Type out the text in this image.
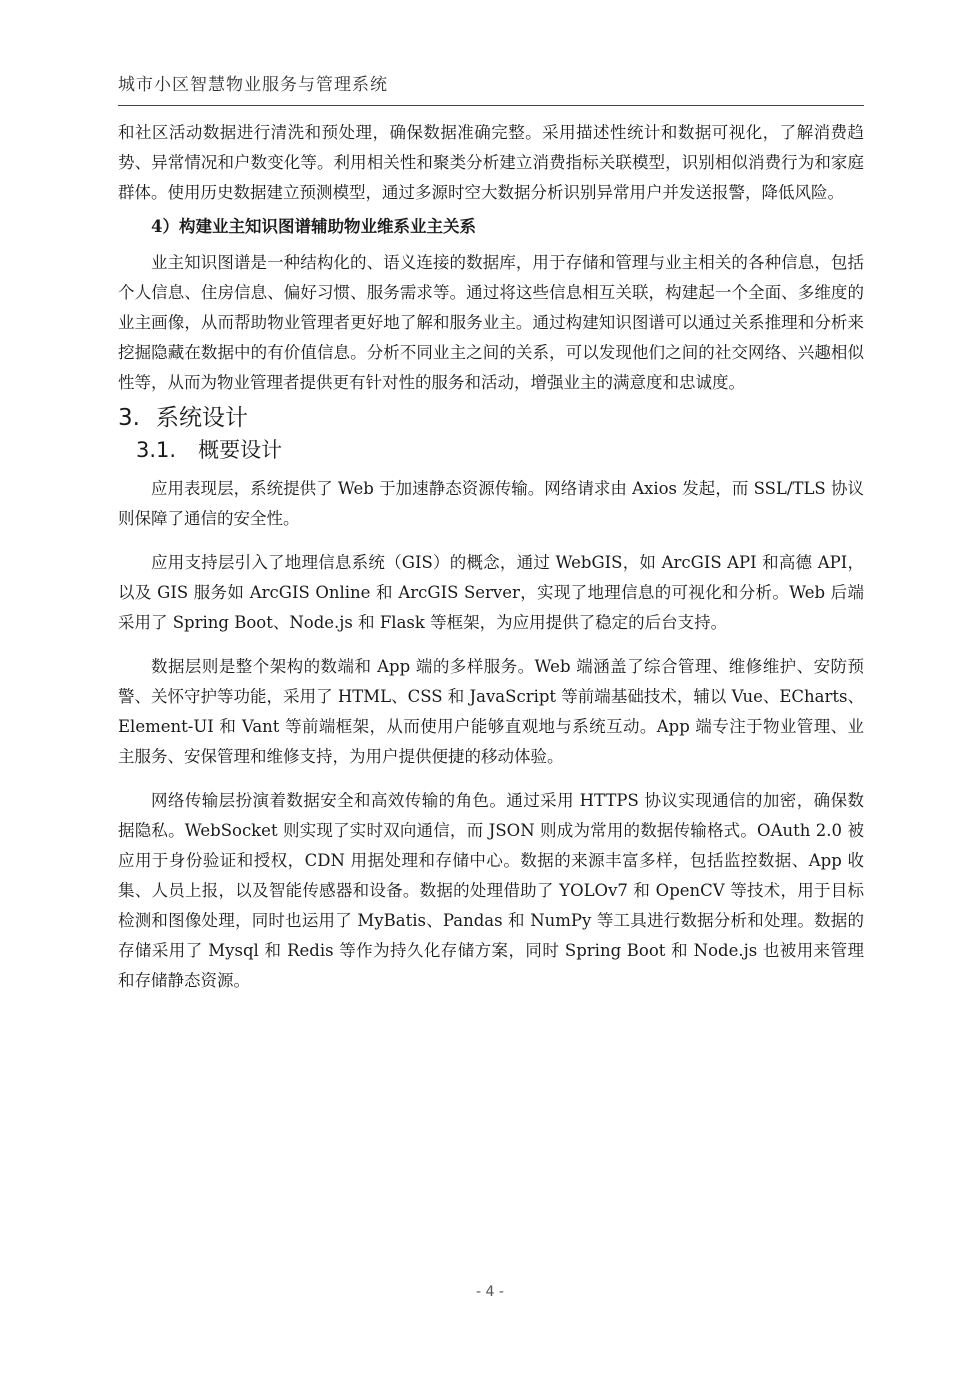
城市小区智慧物业服务与管理系统

和社区活动数据进行清洗和预处理，确保数据准确完整。采用描述性统计和数据可视化，了解消费趋势、异常情况和户数变化等。利用相关性和聚类分析建立消费指标关联模型，识别相似消费行为和家庭群体。使用历史数据建立预测模型，通过多源时空大数据分析识别异常用户并发送报警，降低风险。

4）构建业主知识图谱辅助物业维系业主关系

业主知识图谱是一种结构化的、语义连接的数据库，用于存储和管理与业主相关的各种信息，包括个人信息、住房信息、偏好习惯、服务需求等。通过将这些信息相互关联，构建起一个全面、多维度的业主画像，从而帮助物业管理者更好地了解和服务业主。通过构建知识图谱可以通过关系推理和分析来挖掘隐藏在数据中的有价值信息。分析不同业主之间的关系，可以发现他们之间的社交网络、兴趣相似性等，从而为物业管理者提供更有针对性的服务和活动，增强业主的满意度和忠诚度。

3. 系统设计
3.1. 概要设计

应用表现层，系统提供了 Web 于加速静态资源传输。网络请求由 Axios 发起，而 SSL/TLS 协议则保障了通信的安全性。

应用支持层引入了地理信息系统（GIS）的概念，通过 WebGIS，如 ArcGIS API 和高德 API，以及 GIS 服务如 ArcGIS Online 和 ArcGIS Server，实现了地理信息的可视化和分析。Web 后端采用了 Spring Boot、Node.js 和 Flask 等框架，为应用提供了稳定的后台支持。

数据层则是整个架构的数端和 App 端的多样服务。Web 端涵盖了综合管理、维修维护、安防预警、关怀守护等功能，采用了 HTML、CSS 和 JavaScript 等前端基础技术，辅以 Vue、ECharts、Element-UI 和 Vant 等前端框架，从而使用户能够直观地与系统互动。App 端专注于物业管理、业主服务、安保管理和维修支持，为用户提供便捷的移动体验。

网络传输层扮演着数据安全和高效传输的角色。通过采用 HTTPS 协议实现通信的加密，确保数据隐私。WebSocket 则实现了实时双向通信，而 JSON 则成为常用的数据传输格式。OAuth 2.0 被应用于身份验证和授权，CDN 用据处理和存储中心。数据的来源丰富多样，包括监控数据、App 收集、人员上报，以及智能传感器和设备。数据的处理借助了 YOLOv7 和 OpenCV 等技术，用于目标检测和图像处理，同时也运用了 MyBatis、Pandas 和 NumPy 等工具进行数据分析和处理。数据的存储采用了 Mysql 和 Redis 等作为持久化存储方案，同时 Spring Boot 和 Node.js 也被用来管理和存储静态资源。

- 4 -
